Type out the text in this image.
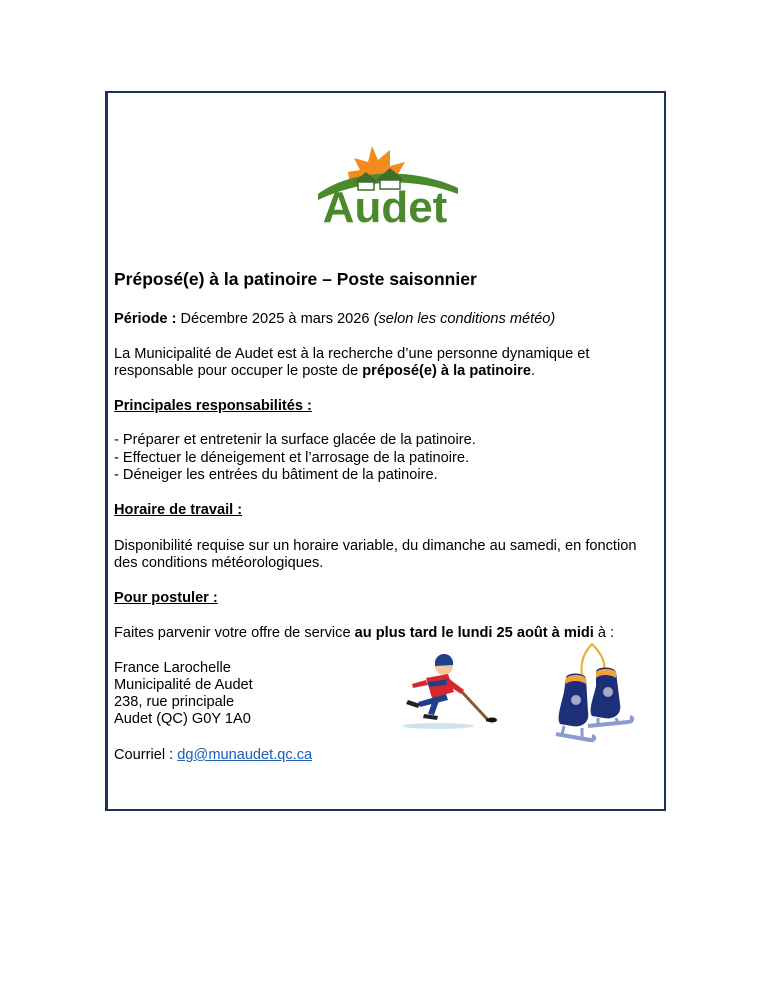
Audet
Préposé(e) à la patinoire – Poste saisonnier
Période : Décembre 2025 à mars 2026 (selon les conditions météo)
La Municipalité de Audet est à la recherche d’une personne dynamique et
responsable pour occuper le poste de préposé(e) à la patinoire.
Principales responsabilités :
- Préparer et entretenir la surface glacée de la patinoire.
- Effectuer le déneigement et l’arrosage de la patinoire.
- Déneiger les entrées du bâtiment de la patinoire.
Horaire de travail :
Disponibilité requise sur un horaire variable, du dimanche au samedi, en fonction
des conditions météorologiques.
Pour postuler :
Faites parvenir votre offre de service au plus tard le lundi 25 août à midi à :
France Larochelle
Municipalité de Audet
238, rue principale
Audet (QC) G0Y 1A0
Courriel : dg@munaudet.qc.ca
